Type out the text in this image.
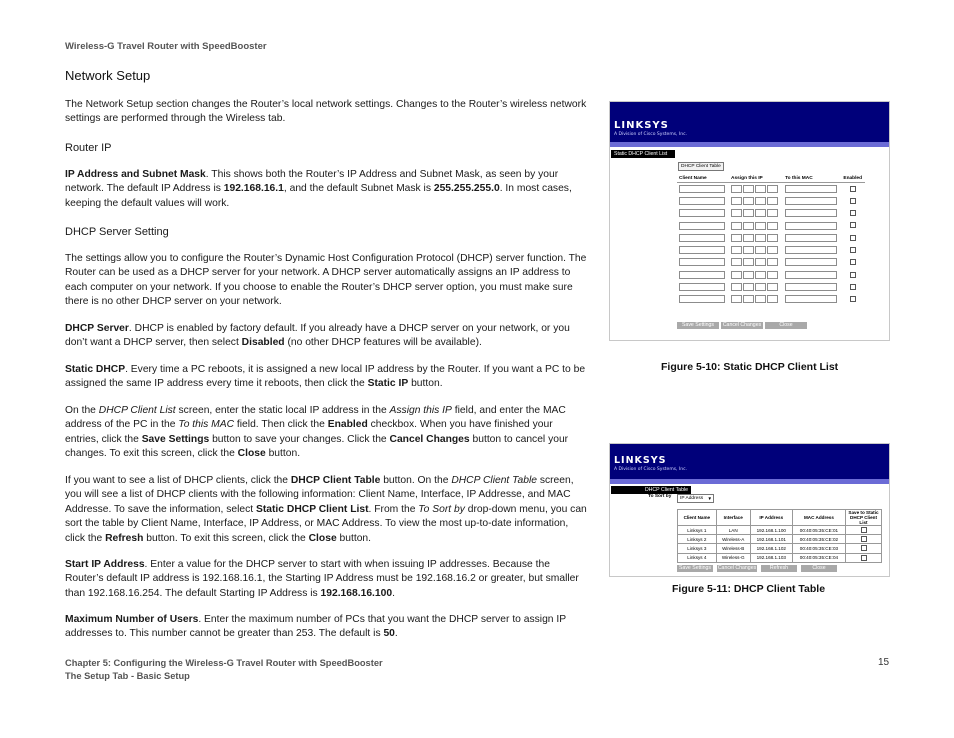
Wireless-G Travel Router with SpeedBooster
Network Setup
The Network Setup section changes the Router’s local network settings. Changes to the Router’s wireless network settings are performed through the Wireless tab.
Router IP
IP Address and Subnet Mask. This shows both the Router’s IP Address and Subnet Mask, as seen by your network. The default IP Address is 192.168.16.1, and the default Subnet Mask is 255.255.255.0. In most cases, keeping the default values will work.
DHCP Server Setting
The settings allow you to configure the Router’s Dynamic Host Configuration Protocol (DHCP) server function. The Router can be used as a DHCP server for your network. A DHCP server automatically assigns an IP address to each computer on your network. If you choose to enable the Router’s DHCP server option, you must make sure there is no other DHCP server on your network.
DHCP Server. DHCP is enabled by factory default. If you already have a DHCP server on your network, or you don’t want a DHCP server, then select Disabled (no other DHCP features will be available).
Static DHCP. Every time a PC reboots, it is assigned a new local IP address by the Router. If you want a PC to be assigned the same IP address every time it reboots, then click the Static IP button.
On the DHCP Client List screen, enter the static local IP address in the Assign this IP field, and enter the MAC address of the PC in the To this MAC field. Then click the Enabled checkbox. When you have finished your entries, click the Save Settings button to save your changes. Click the Cancel Changes button to cancel your changes. To exit this screen, click the Close button.
If you want to see a list of DHCP clients, click the DHCP Client Table button. On the DHCP Client Table screen, you will see a list of DHCP clients with the following information: Client Name, Interface, IP Addresse, and MAC Addresse. To save the information, select Static DHCP Client List. From the To Sort by drop-down menu, you can sort the table by Client Name, Interface, IP Address, or MAC Address. To view the most up-to-date information, click the Refresh button. To exit this screen, click the Close button.
Start IP Address. Enter a value for the DHCP server to start with when issuing IP addresses. Because the Router’s default IP address is 192.168.16.1, the Starting IP Address must be 192.168.16.2 or greater, but smaller than 192.168.16.254. The default Starting IP Address is 192.168.16.100.
Maximum Number of Users. Enter the maximum number of PCs that you want the DHCP server to assign IP addresses to. This number cannot be greater than 253. The default is 50.
Chapter 5: Configuring the Wireless-G Travel Router with SpeedBooster
The Setup Tab - Basic Setup
15
LINKSYS
A Division of Cisco Systems, Inc.
Static DHCP Client List
DHCP Client Table
Client Name	Assign this IP	To this MAC	Enabled

Save Settings	Cancel Changes	Close
Figure 5-10: Static DHCP Client List
LINKSYS
A Division of Cisco Systems, Inc.
DHCP Client Table
To Sort by	IP Address ▼
Client Name	Interface	IP Address	MAC Address	Save to Static DHCP Client List
Linksys 1	LAN	192.168.1.100	00:40:05:35:CE:01	
Linksys 2	Wireless-A	192.168.1.101	00:40:05:35:CE:02	
Linksys 3	Wireless-B	192.168.1.102	00:40:05:35:CE:03	
Linksys 4	Wireless-G	192.168.1.103	00:40:05:35:CE:04	
Save Settings	Cancel Changes	Refresh	Close
Figure 5-11: DHCP Client Table
